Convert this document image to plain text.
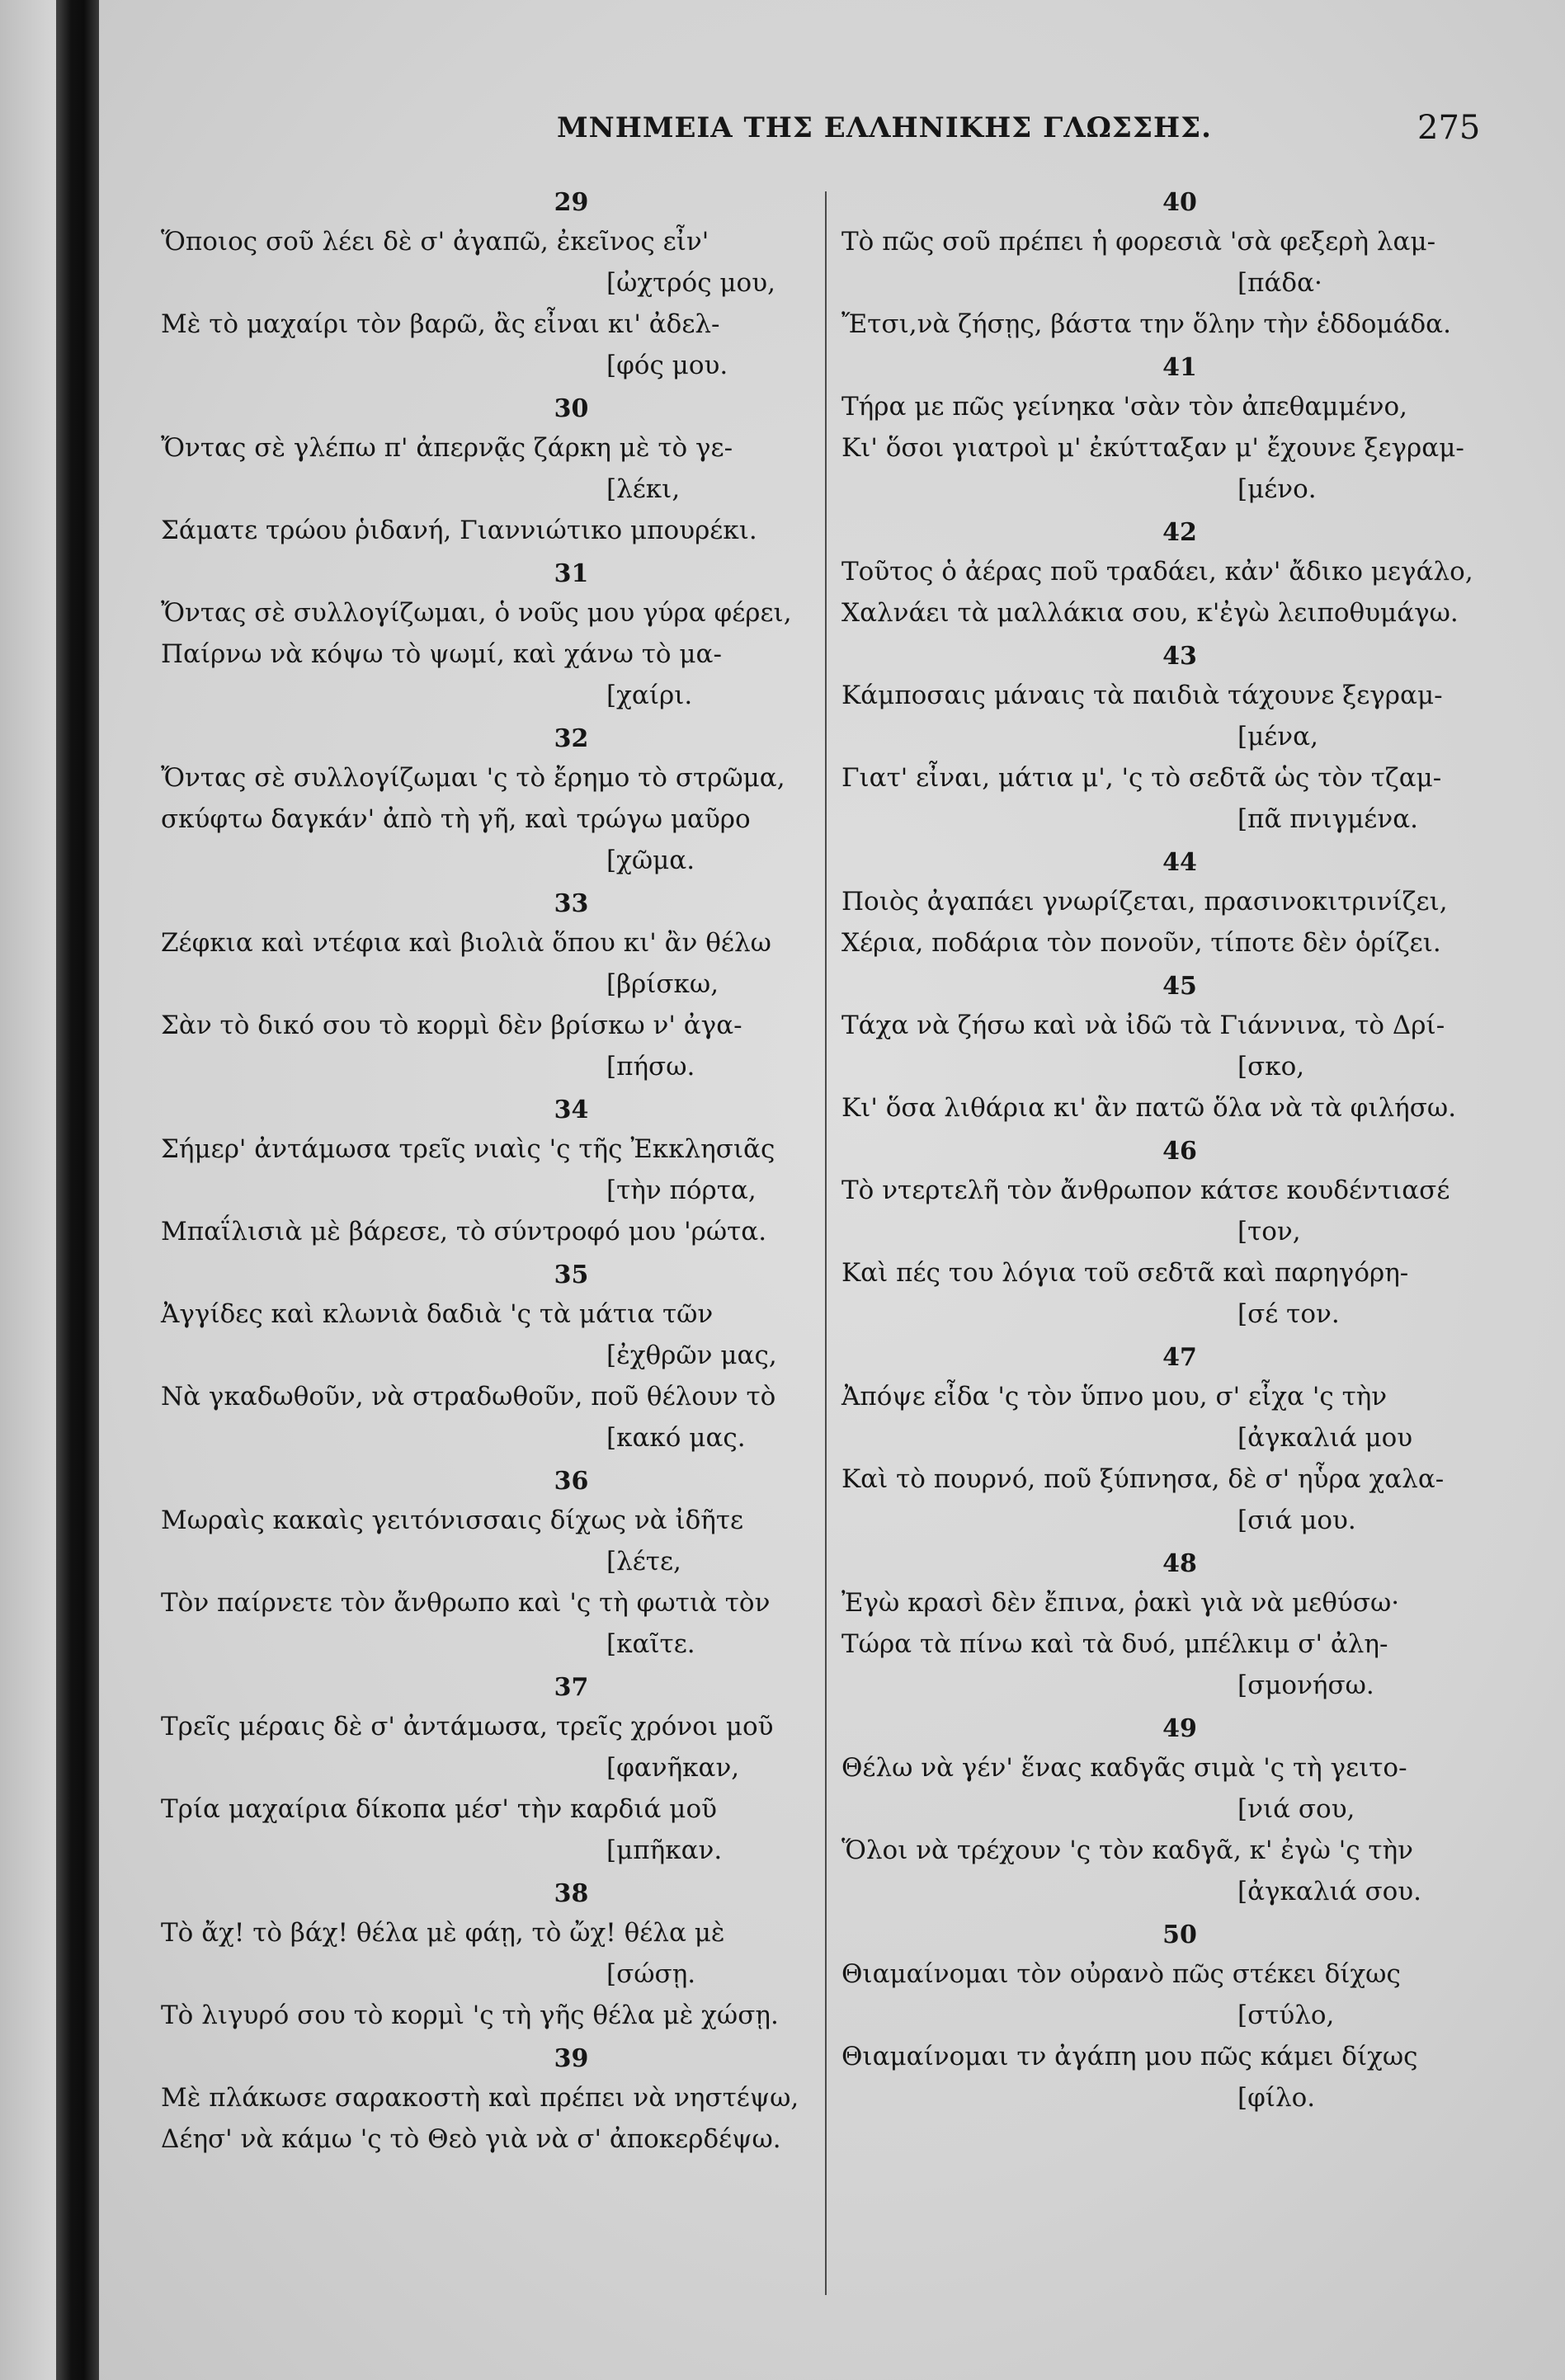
ΜΝΗΜΕΙΑ ΤΗΣ ΕΛΛΗΝΙΚΗΣ ΓΛΩΣΣΗΣ.	275
29
Ὅποιος σοῦ λέει δὲ σ' ἀγαπῶ, ἐκεῖνος εἶν'
[ὠχτρός μου,
Μὲ τὸ μαχαίρι τὸν βαρῶ, ἂς εἶναι κι' ἀδελ-
[φός μου.
30
Ὄντας σὲ γλέπω π' ἀπερνᾷς ζάρκη μὲ τὸ γε-
[λέκι,
Σάματε τρώου ῥιδανή, Γιαννιώτικο μπουρέκι.
31
Ὄντας σὲ συλλογίζωμαι, ὁ νοῦς μου γύρα φέρει,
Παίρνω νὰ κόψω τὸ ψωμί, καὶ χάνω τὸ μα-
[χαίρι.
32
Ὄντας σὲ συλλογίζωμαι 'ς τὸ ἔρημο τὸ στρῶμα,
σκύφτω δαγκάν' ἀπὸ τὴ γῆ, καὶ τρώγω μαῦρο
[χῶμα.
33
Ζέφκια καὶ ντέφια καὶ βιολιὰ ὅπου κι' ἂν θέλω
[βρίσκω,
Σὰν τὸ δικό σου τὸ κορμὶ δὲν βρίσκω ν' ἀγα-
[πήσω.
34
Σήμερ' ἀντάμωσα τρεῖς νιαὶς 'ς τῆς Ἐκκλησιᾶς
[τὴν πόρτα,
Μπαΐλισιὰ μὲ βάρεσε, τὸ σύντροφό μου 'ρώτα.
35
Ἀγγίδες καὶ κλωνιὰ δαδιὰ 'ς τὰ μάτια τῶν
[ἐχθρῶν μας,
Νὰ γκαδωθοῦν, νὰ στραδωθοῦν, ποῦ θέλουν τὸ
[κακό μας.
36
Μωραὶς κακαὶς γειτόνισσαις δίχως νὰ ἰδῆτε
[λέτε,
Τὸν παίρνετε τὸν ἄνθρωπο καὶ 'ς τὴ φωτιὰ τὸν
[καῖτε.
37
Τρεῖς μέραις δὲ σ' ἀντάμωσα, τρεῖς χρόνοι μοῦ
[φανῆκαν,
Τρία μαχαίρια δίκοπα μέσ' τὴν καρδιά μοῦ
[μπῆκαν.
38
Τὸ ἄχ! τὸ βάχ! θέλα μὲ φάῃ, τὸ ὤχ! θέλα μὲ
[σώσῃ.
Τὸ λιγυρό σου τὸ κορμὶ 'ς τὴ γῆς θέλα μὲ χώσῃ.
39
Μὲ πλάκωσε σαρακοστὴ καὶ πρέπει νὰ νηστέψω,
Δέησ' νὰ κάμω 'ς τὸ Θεὸ γιὰ νὰ σ' ἀποκερδέψω.
40
Τὸ πῶς σοῦ πρέπει ἡ φορεσιὰ 'σὰ φεξερὴ λαμ-
[πάδα·
Ἔτσι,νὰ ζήσῃς, βάστα την ὅλην τὴν ἑδδομάδα.
41
Τήρα με πῶς γείνηκα 'σὰν τὸν ἀπεθαμμένο,
Κι' ὅσοι γιατροὶ μ' ἐκύτταξαν μ' ἔχουνε ξεγραμ-
[μένο.
42
Τοῦτος ὁ ἀέρας ποῦ τραδάει, κἀν' ἄδικο μεγάλο,
Χαλνάει τὰ μαλλάκια σου, κ'ἐγὼ λειποθυμάγω.
43
Κάμποσαις μάναις τὰ παιδιὰ τάχουνε ξεγραμ-
[μένα,
Γιατ' εἶναι, μάτια μ', 'ς τὸ σεδτᾶ ὡς τὸν τζαμ-
[πᾶ πνιγμένα.
44
Ποιὸς ἀγαπάει γνωρίζεται, πρασινοκιτρινίζει,
Χέρια, ποδάρια τὸν πονοῦν, τίποτε δὲν ὁρίζει.
45
Τάχα νὰ ζήσω καὶ νὰ ἰδῶ τὰ Γιάννινα, τὸ Δρί-
[σκο,
Κι' ὅσα λιθάρια κι' ἂν πατῶ ὅλα νὰ τὰ φιλήσω.
46
Τὸ ντερτελῆ τὸν ἄνθρωπον κάτσε κουδέντιασέ
[τον,
Καὶ πές του λόγια τοῦ σεδτᾶ καὶ παρηγόρη-
[σέ τον.
47
Ἀπόψε εἶδα 'ς τὸν ὕπνο μου, σ' εἶχα 'ς τὴν
[ἀγκαλιά μου
Καὶ τὸ πουρνό, ποῦ ξύπνησα, δὲ σ' ηὗρα χαλα-
[σιά μου.
48
Ἐγὼ κρασὶ δὲν ἔπινα, ῥακὶ γιὰ νὰ μεθύσω·
Τώρα τὰ πίνω καὶ τὰ δυό, μπέλκιμ σ' ἀλη-
[σμονήσω.
49
Θέλω νὰ γέν' ἕνας καδγᾶς σιμὰ 'ς τὴ γειτο-
[νιά σου,
Ὅλοι νὰ τρέχουν 'ς τὸν καδγᾶ, κ' ἐγὼ 'ς τὴν
[ἀγκαλιά σου.
50
Θιαμαίνομαι τὸν οὐρανὸ πῶς στέκει δίχως
[στύλο,
Θιαμαίνομαι τν ἀγάπη μου πῶς κάμει δίχως
[φίλο.
